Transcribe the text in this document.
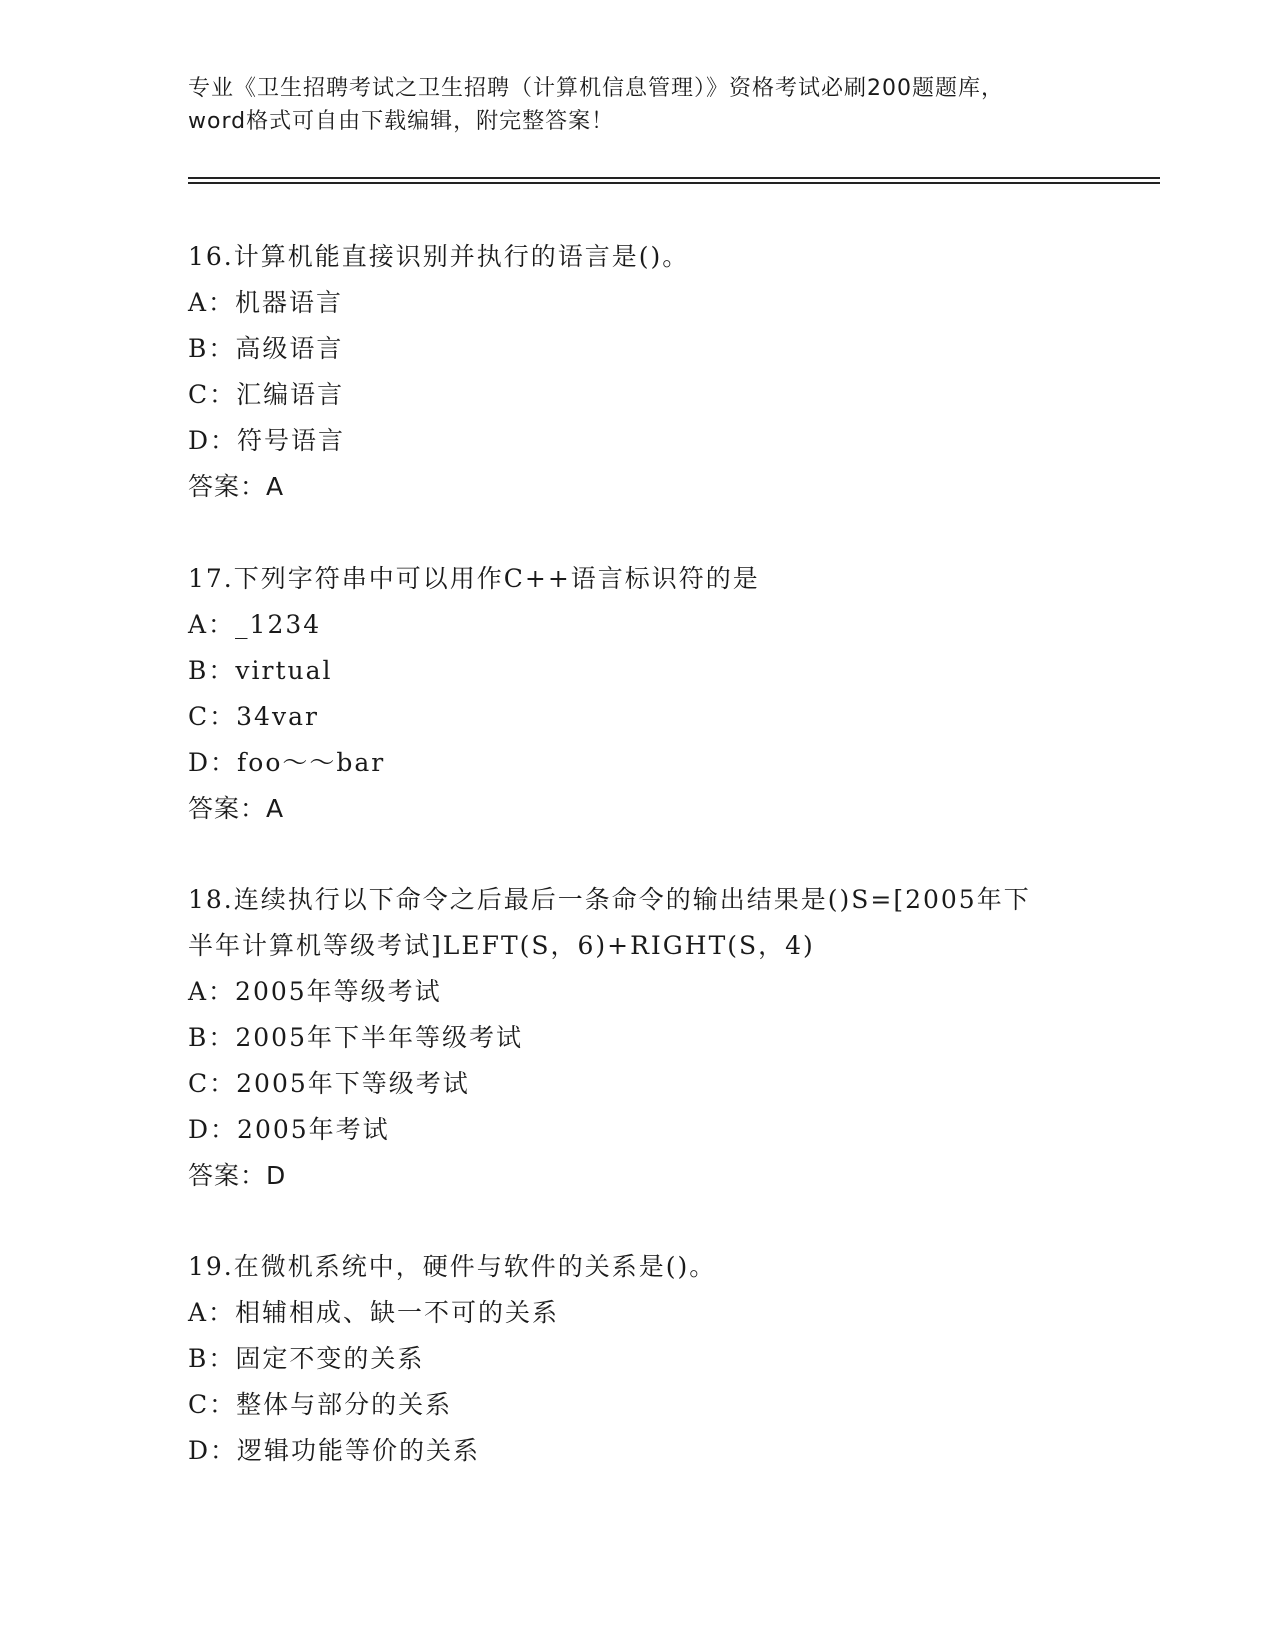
专业《卫生招聘考试之卫生招聘（计算机信息管理）》资格考试必刷200题题库，
word格式可自由下载编辑，附完整答案！
16.计算机能直接识别并执行的语言是()。
A：机器语言
B：高级语言
C：汇编语言
D：符号语言
答案：A
17.下列字符串中可以用作C++语言标识符的是
A：_1234
B：virtual
C：34var
D：foo～～bar
答案：A
18.连续执行以下命令之后最后一条命令的输出结果是()S=[2005年下
半年计算机等级考试]LEFT(S，6)+RIGHT(S，4)
A：2005年等级考试
B：2005年下半年等级考试
C：2005年下等级考试
D：2005年考试
答案：D
19.在微机系统中，硬件与软件的关系是()。
A：相辅相成、缺一不可的关系
B：固定不变的关系
C：整体与部分的关系
D：逻辑功能等价的关系
